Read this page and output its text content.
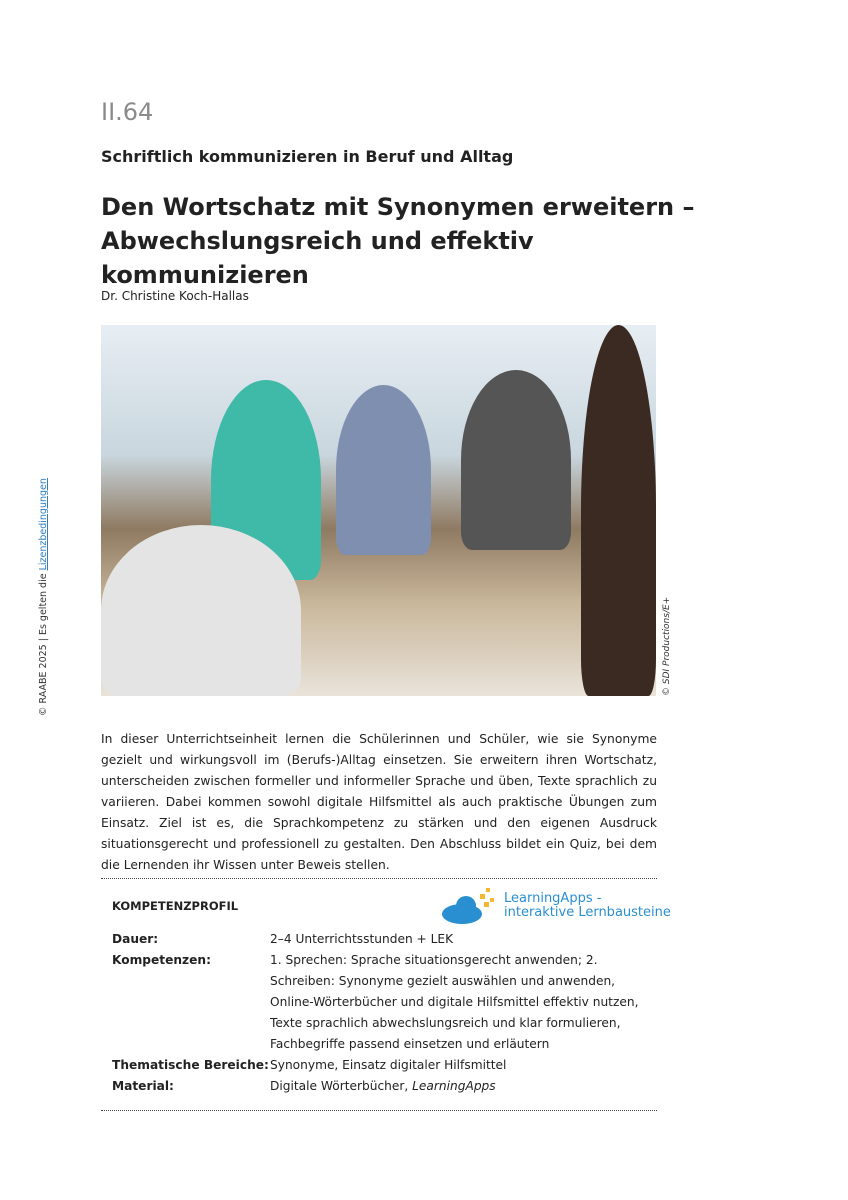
II.64
Schriftlich kommunizieren in Beruf und Alltag
Den Wortschatz mit Synonymen erweitern – Abwechslungsreich und effektiv kommunizieren
Dr. Christine Koch-Hallas
© SDI Productions/E+
© RAABE 2025 | Es gelten die Lizenzbedingungen
In dieser Unterrichtseinheit lernen die Schülerinnen und Schüler, wie sie Synonyme gezielt und wirkungsvoll im (Berufs-)Alltag einsetzen. Sie erweitern ihren Wortschatz, unterscheiden zwischen formeller und informeller Sprache und üben, Texte sprachlich zu variieren. Dabei kommen sowohl digitale Hilfsmittel als auch praktische Übungen zum Einsatz. Ziel ist es, die Sprachkompetenz zu stärken und den eigenen Ausdruck situationsgerecht und professionell zu gestalten. Den Abschluss bildet ein Quiz, bei dem die Lernenden ihr Wissen unter Beweis stellen.
KOMPETENZPROFIL	LearningApps -
interaktive Lernbausteine
Dauer:	2–4 Unterrichtsstunden + LEK
Kompetenzen:	1. Sprechen: Sprache situationsgerecht anwenden; 2. Schreiben: Synonyme gezielt auswählen und anwenden, Online-Wörterbücher und digitale Hilfsmittel effektiv nutzen, Texte sprachlich abwechslungsreich und klar formulieren, Fachbegriffe passend einsetzen und erläutern
Thematische Bereiche: Synonyme, Einsatz digitaler Hilfsmittel
Material:	Digitale Wörterbücher, LearningApps
